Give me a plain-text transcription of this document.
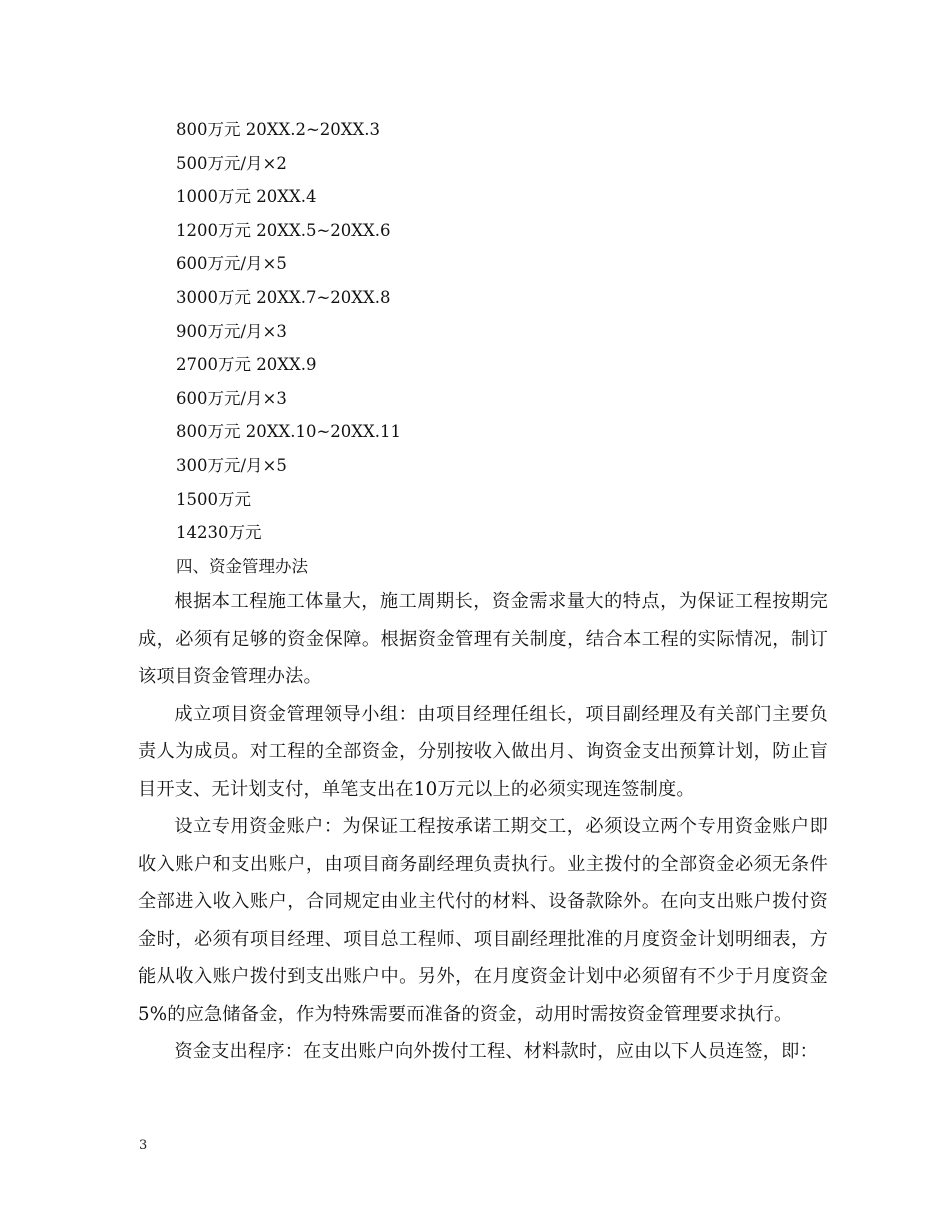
800万元 20XX.2~20XX.3
500万元/月×2
1000万元 20XX.4
1200万元 20XX.5~20XX.6
600万元/月×5
3000万元 20XX.7~20XX.8
900万元/月×3
2700万元 20XX.9
600万元/月×3
800万元 20XX.10~20XX.11
300万元/月×5
1500万元
14230万元
四、资金管理办法

根据本工程施工体量大，施工周期长，资金需求量大的特点，为保证工程按期完成，必须有足够的资金保障。根据资金管理有关制度，结合本工程的实际情况，制订该项目资金管理办法。

成立项目资金管理领导小组：由项目经理任组长，项目副经理及有关部门主要负责人为成员。对工程的全部资金，分别按收入做出月、询资金支出预算计划，防止盲目开支、无计划支付，单笔支出在10万元以上的必须实现连签制度。

设立专用资金账户：为保证工程按承诺工期交工，必须设立两个专用资金账户即收入账户和支出账户，由项目商务副经理负责执行。业主拨付的全部资金必须无条件全部进入收入账户，合同规定由业主代付的材料、设备款除外。在向支出账户拨付资金时，必须有项目经理、项目总工程师、项目副经理批准的月度资金计划明细表，方能从收入账户拨付到支出账户中。另外，在月度资金计划中必须留有不少于月度资金5%的应急储备金，作为特殊需要而准备的资金，动用时需按资金管理要求执行。

资金支出程序：在支出账户向外拨付工程、材料款时，应由以下人员连签，即：

3
